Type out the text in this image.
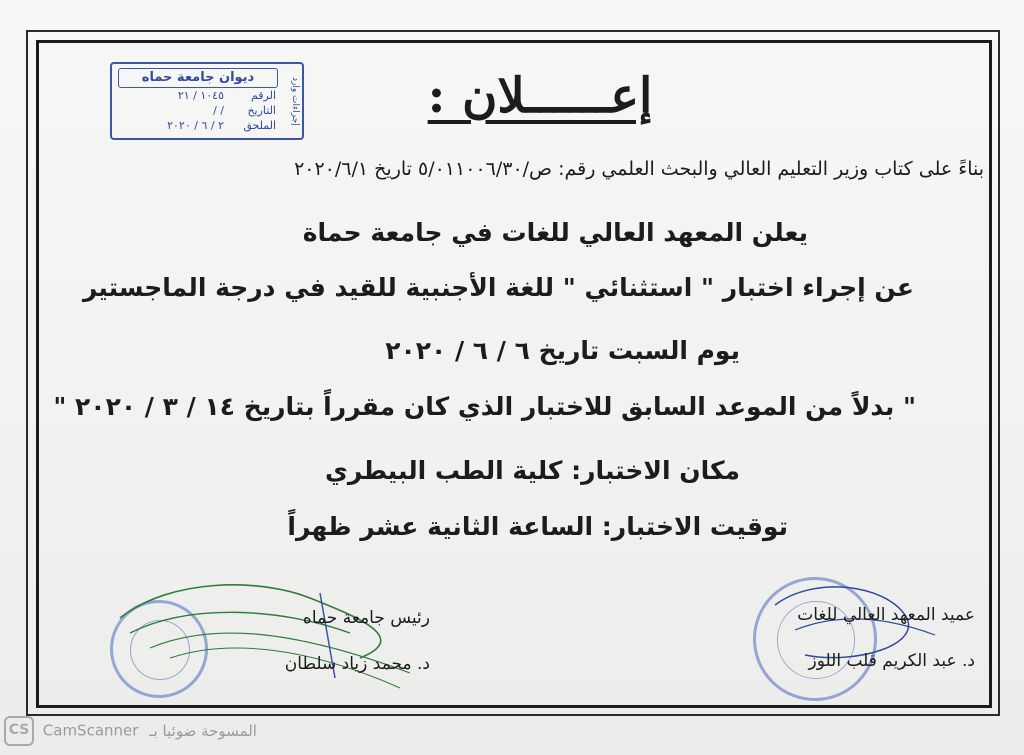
ديوان جامعة حماه	إجراءات وارد
الرقم
١٠٤٥ / ٢١
التاريخ
/ /
الملحق
٢ / ٦ / ٢٠٢٠
إعــــــلان :
بناءً على كتاب وزير التعليم العالي والبحث العلمي رقم: ص/٥/٠١١٠٠٦/٣٠ تاريخ ٢٠٢٠/٦/١
يعلن المعهد العالي للغات في جامعة حماة
عن إجراء اختبار " استثنائي " للغة الأجنبية للقيد في درجة الماجستير
يوم السبت تاريخ ٦ / ٦ / ٢٠٢٠
" بدلاً من الموعد السابق للاختبار الذي كان مقرراً بتاريخ ١٤ / ٣ / ٢٠٢٠ "
مكان الاختبار: كلية الطب البيطري
توقيت الاختبار: الساعة الثانية عشر ظهراً
رئيس جامعة حماه
د. محمد زياد سلطان
عميد المعهد العالي للغات
د. عبد الكريم قلب اللوز
CS CamScanner المسوحة ضوئيا بـ
